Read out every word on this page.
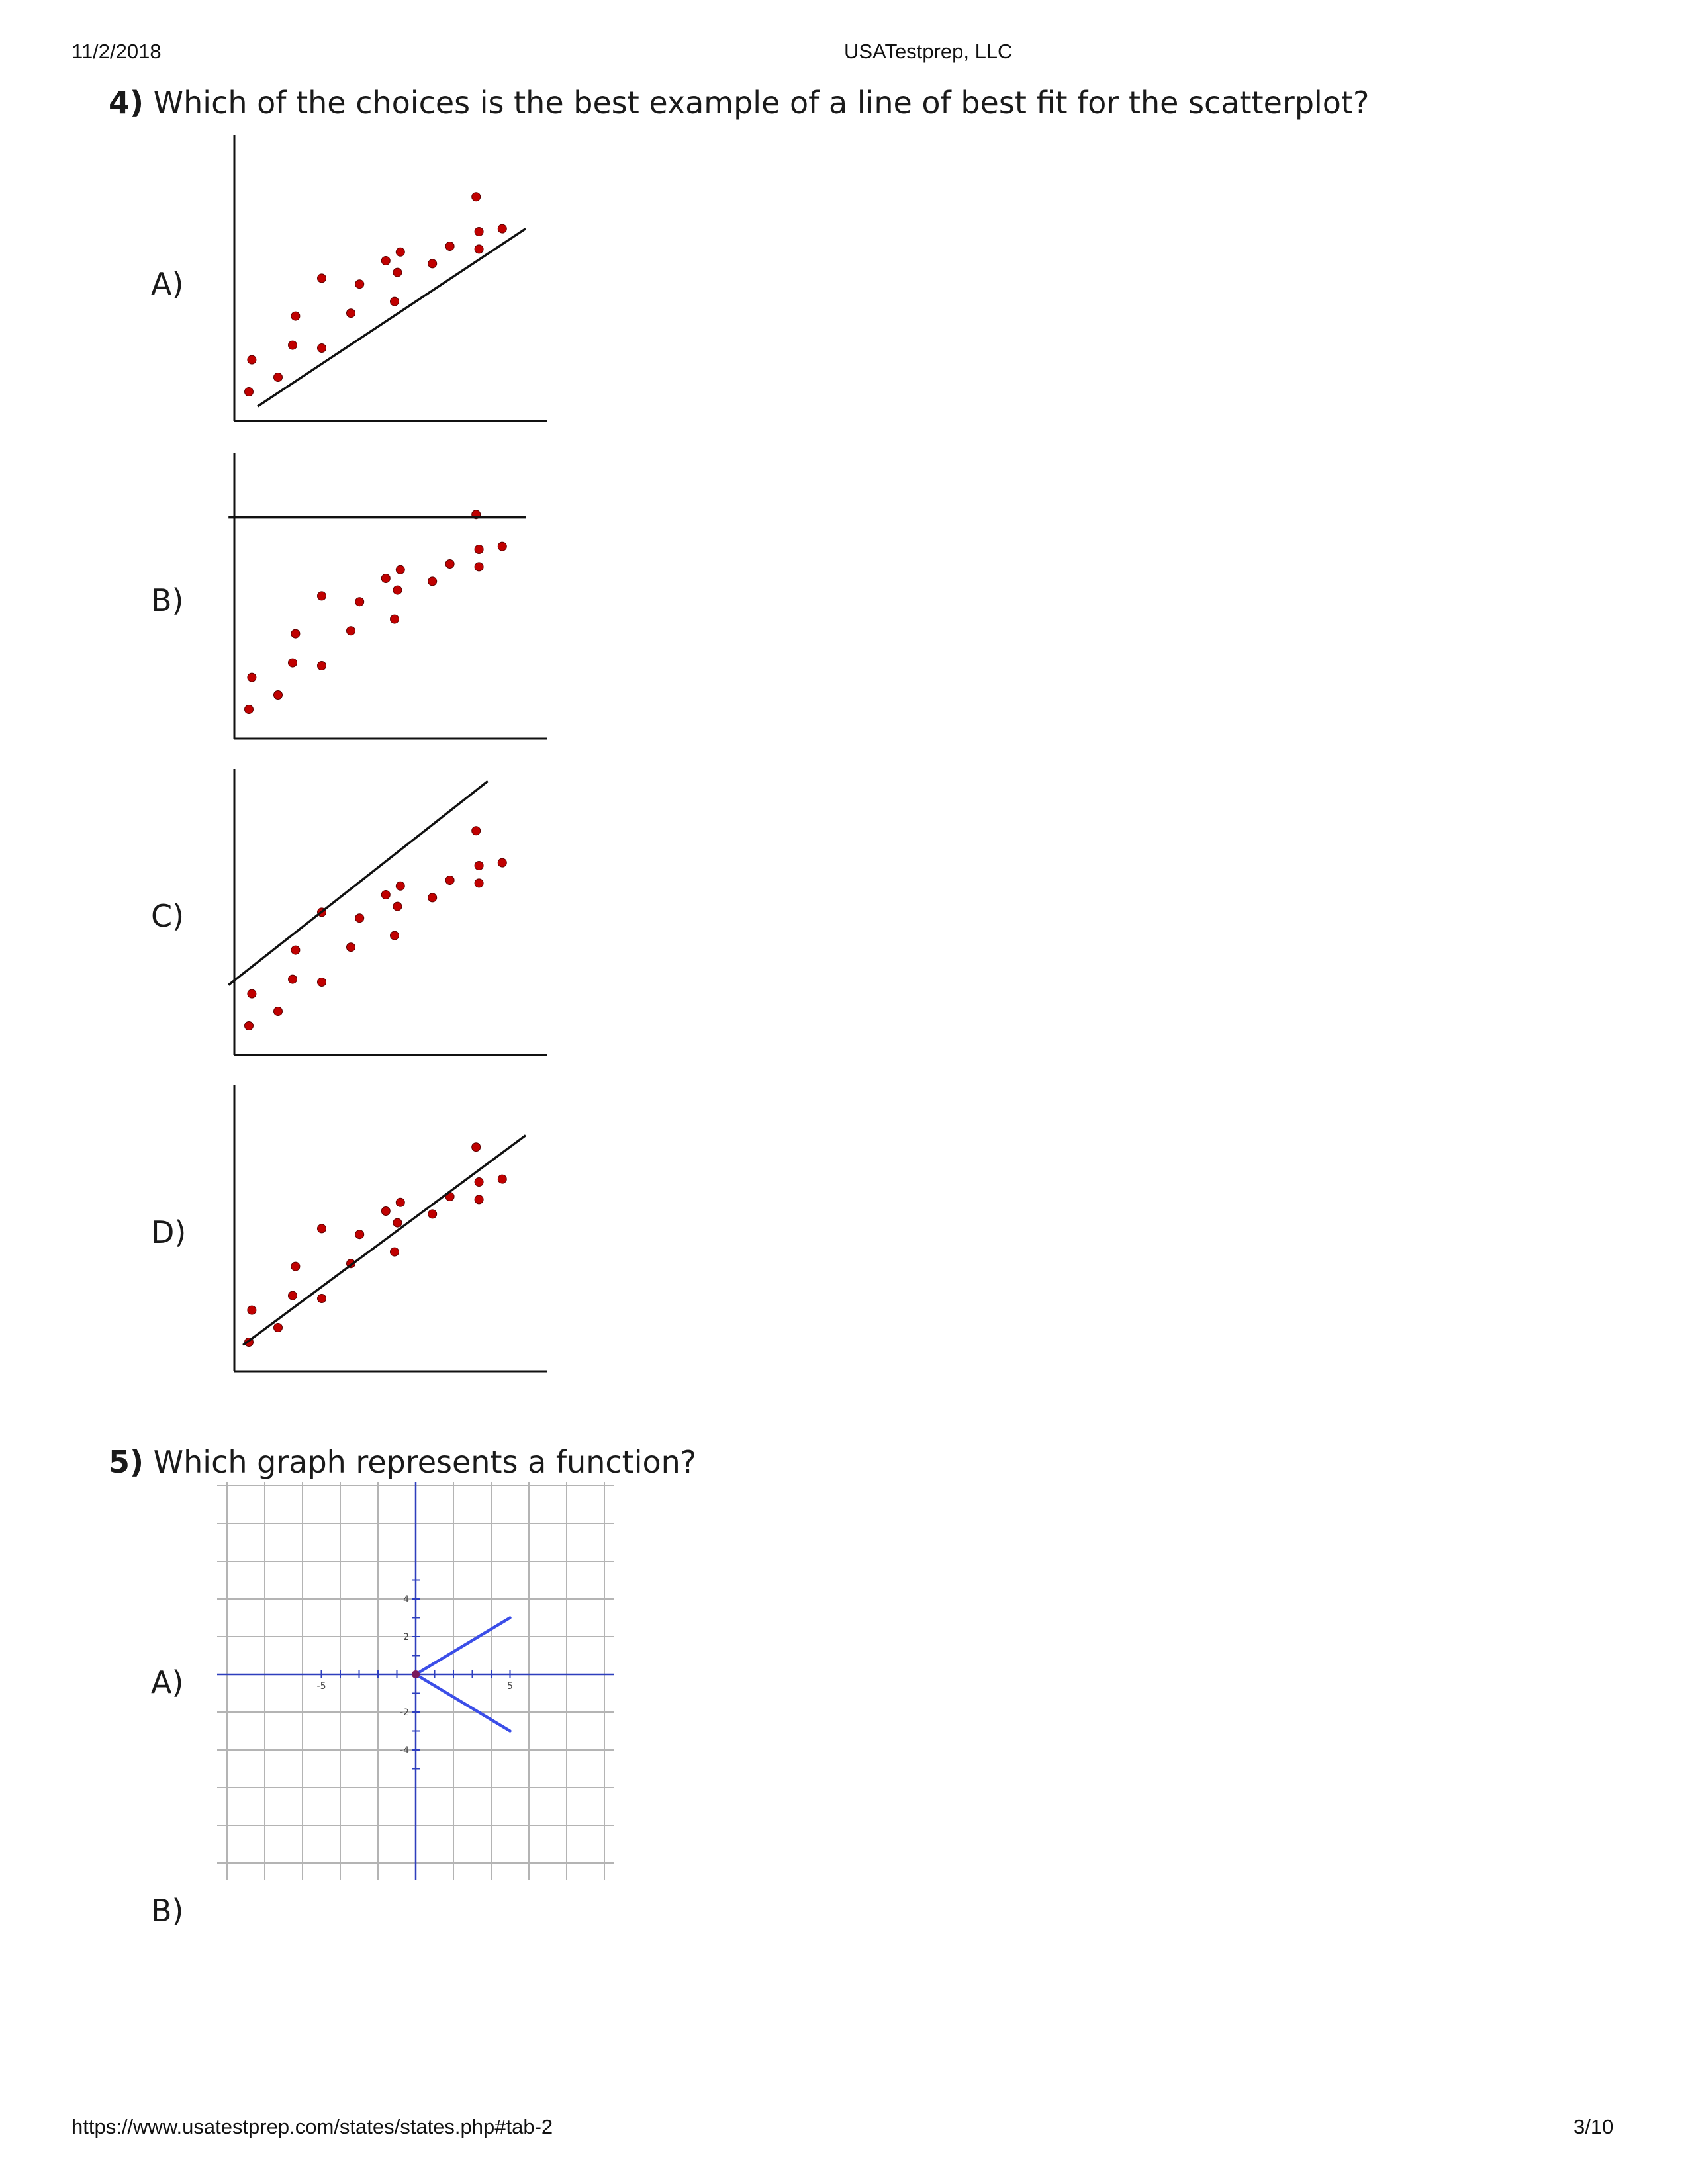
11/2/2018	USATestprep, LLC
4) Which of the choices is the best example of a line of best fit for the scatterplot?
A)
B)
C)
D)
5) Which graph represents a function?
A)	-5	5
4
2
-2
-4
B)
https://www.usatestprep.com/states/states.php#tab-2	3/10
